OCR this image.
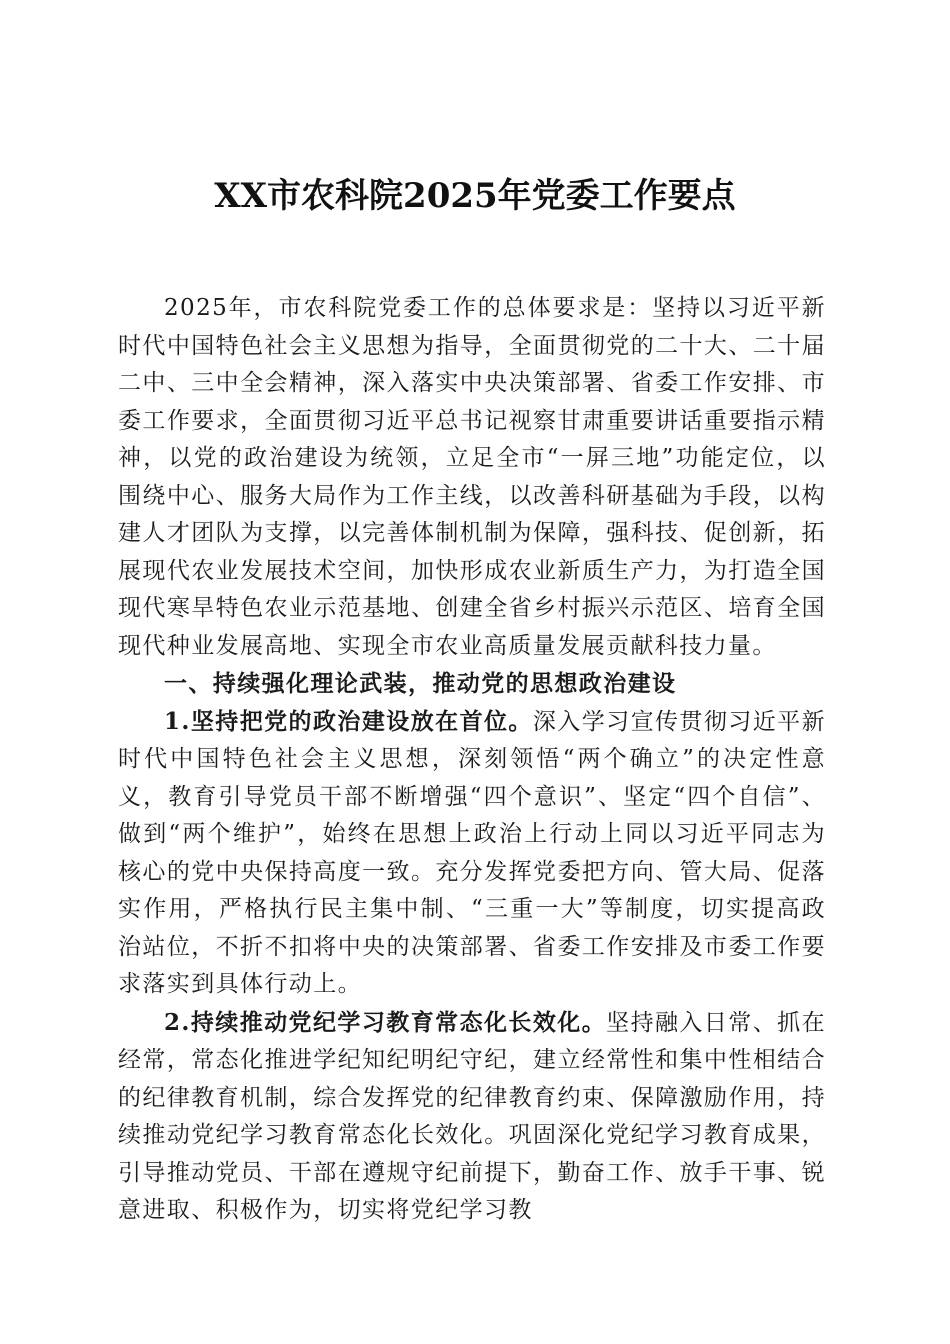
XX市农科院2025年党委工作要点

2025年，市农科院党委工作的总体要求是：坚持以习近平新时代中国特色社会主义思想为指导，全面贯彻党的二十大、二十届二中、三中全会精神，深入落实中央决策部署、省委工作安排、市委工作要求，全面贯彻习近平总书记视察甘肃重要讲话重要指示精神，以党的政治建设为统领，立足全市“一屏三地”功能定位，以围绕中心、服务大局作为工作主线，以改善科研基础为手段，以构建人才团队为支撑，以完善体制机制为保障，强科技、促创新，拓展现代农业发展技术空间，加快形成农业新质生产力，为打造全国现代寒旱特色农业示范基地、创建全省乡村振兴示范区、培育全国现代种业发展高地、实现全市农业高质量发展贡献科技力量。

一、持续强化理论武装，推动党的思想政治建设

1.坚持把党的政治建设放在首位。深入学习宣传贯彻习近平新时代中国特色社会主义思想，深刻领悟“两个确立”的决定性意义，教育引导党员干部不断增强“四个意识”、坚定“四个自信”、做到“两个维护”，始终在思想上政治上行动上同以习近平同志为核心的党中央保持高度一致。充分发挥党委把方向、管大局、促落实作用，严格执行民主集中制、“三重一大”等制度，切实提高政治站位，不折不扣将中央的决策部署、省委工作安排及市委工作要求落实到具体行动上。

2.持续推动党纪学习教育常态化长效化。坚持融入日常、抓在经常，常态化推进学纪知纪明纪守纪，建立经常性和集中性相结合的纪律教育机制，综合发挥党的纪律教育约束、保障激励作用，持续推动党纪学习教育常态化长效化。巩固深化党纪学习教育成果，引导推动党员、干部在遵规守纪前提下，勤奋工作、放手干事、锐意进取、积极作为，切实将党纪学习教
